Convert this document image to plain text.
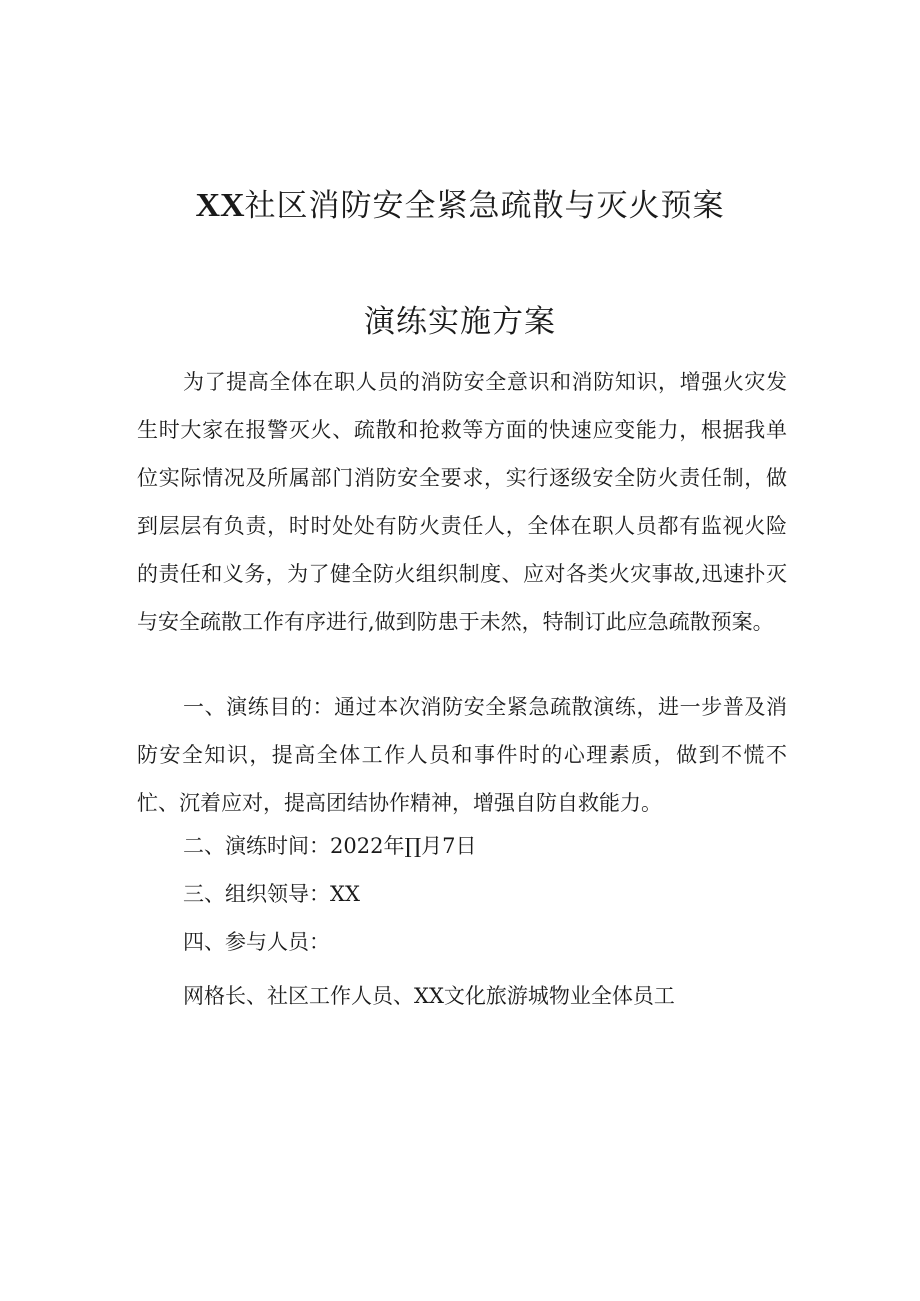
XX社区消防安全紧急疏散与灭火预案
演练实施方案

为了提高全体在职人员的消防安全意识和消防知识，增强火灾发生时大家在报警灭火、疏散和抢救等方面的快速应变能力，根据我单位实际情况及所属部门消防安全要求，实行逐级安全防火责任制，做到层层有负责，时时处处有防火责任人，全体在职人员都有监视火险的责任和义务，为了健全防火组织制度、应对各类火灾事故,迅速扑灭与安全疏散工作有序进行,做到防患于未然，特制订此应急疏散预案。

一、演练目的：通过本次消防安全紧急疏散演练，进一步普及消防安全知识，提高全体工作人员和事件时的心理素质，做到不慌不忙、沉着应对，提高团结协作精神，增强自防自救能力。

二、演练时间：2022年∏月7日
三、组织领导：XX
四、参与人员：
网格长、社区工作人员、XX文化旅游城物业全体员工
